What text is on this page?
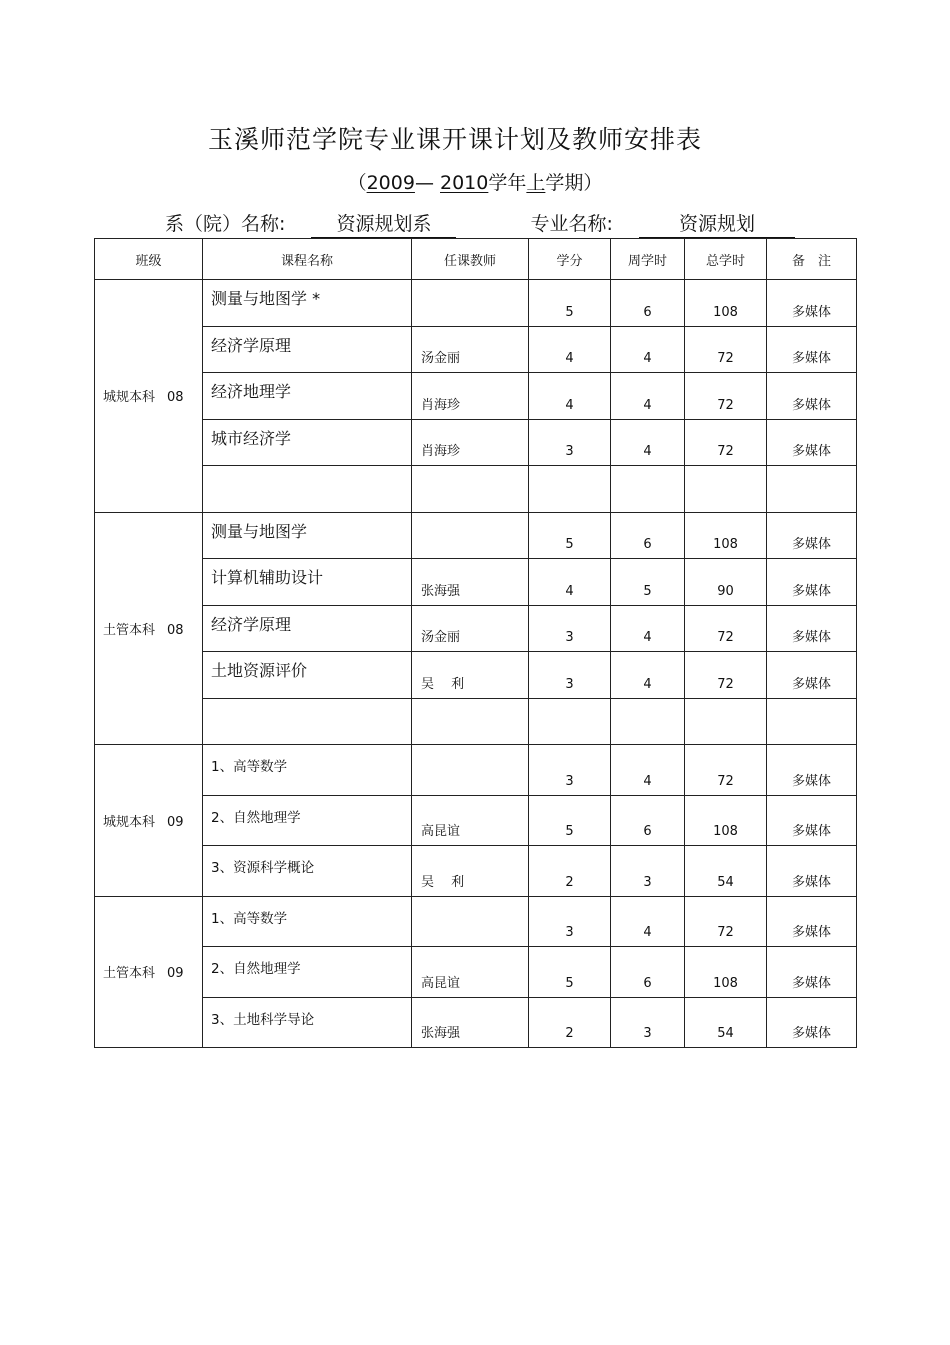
玉溪师范学院专业课开课计划及教师安排表
（2009— 2010学年上学期）
系（院）名称:	资源规划系	专业名称:	资源规划
班级	课程名称	任课教师	学分	周学时	总学时	备　注
城规本科 08	测量与地图学 *		5	6	108	多媒体
	经济学原理	汤金丽	4	4	72	多媒体
	经济地理学	肖海珍	4	4	72	多媒体
	城市经济学	肖海珍	3	4	72	多媒体

土管本科 08	测量与地图学		5	6	108	多媒体
	计算机辅助设计	张海强	4	5	90	多媒体
	经济学原理	汤金丽	3	4	72	多媒体
	土地资源评价	吴　 利	3	4	72	多媒体

城规本科 09	1、高等数学		3	4	72	多媒体
	2、自然地理学	高昆谊	5	6	108	多媒体
	3、资源科学概论	吴　 利	2	3	54	多媒体
土管本科 09	1、高等数学		3	4	72	多媒体
	2、自然地理学	高昆谊	5	6	108	多媒体
	3、土地科学导论	张海强	2	3	54	多媒体
